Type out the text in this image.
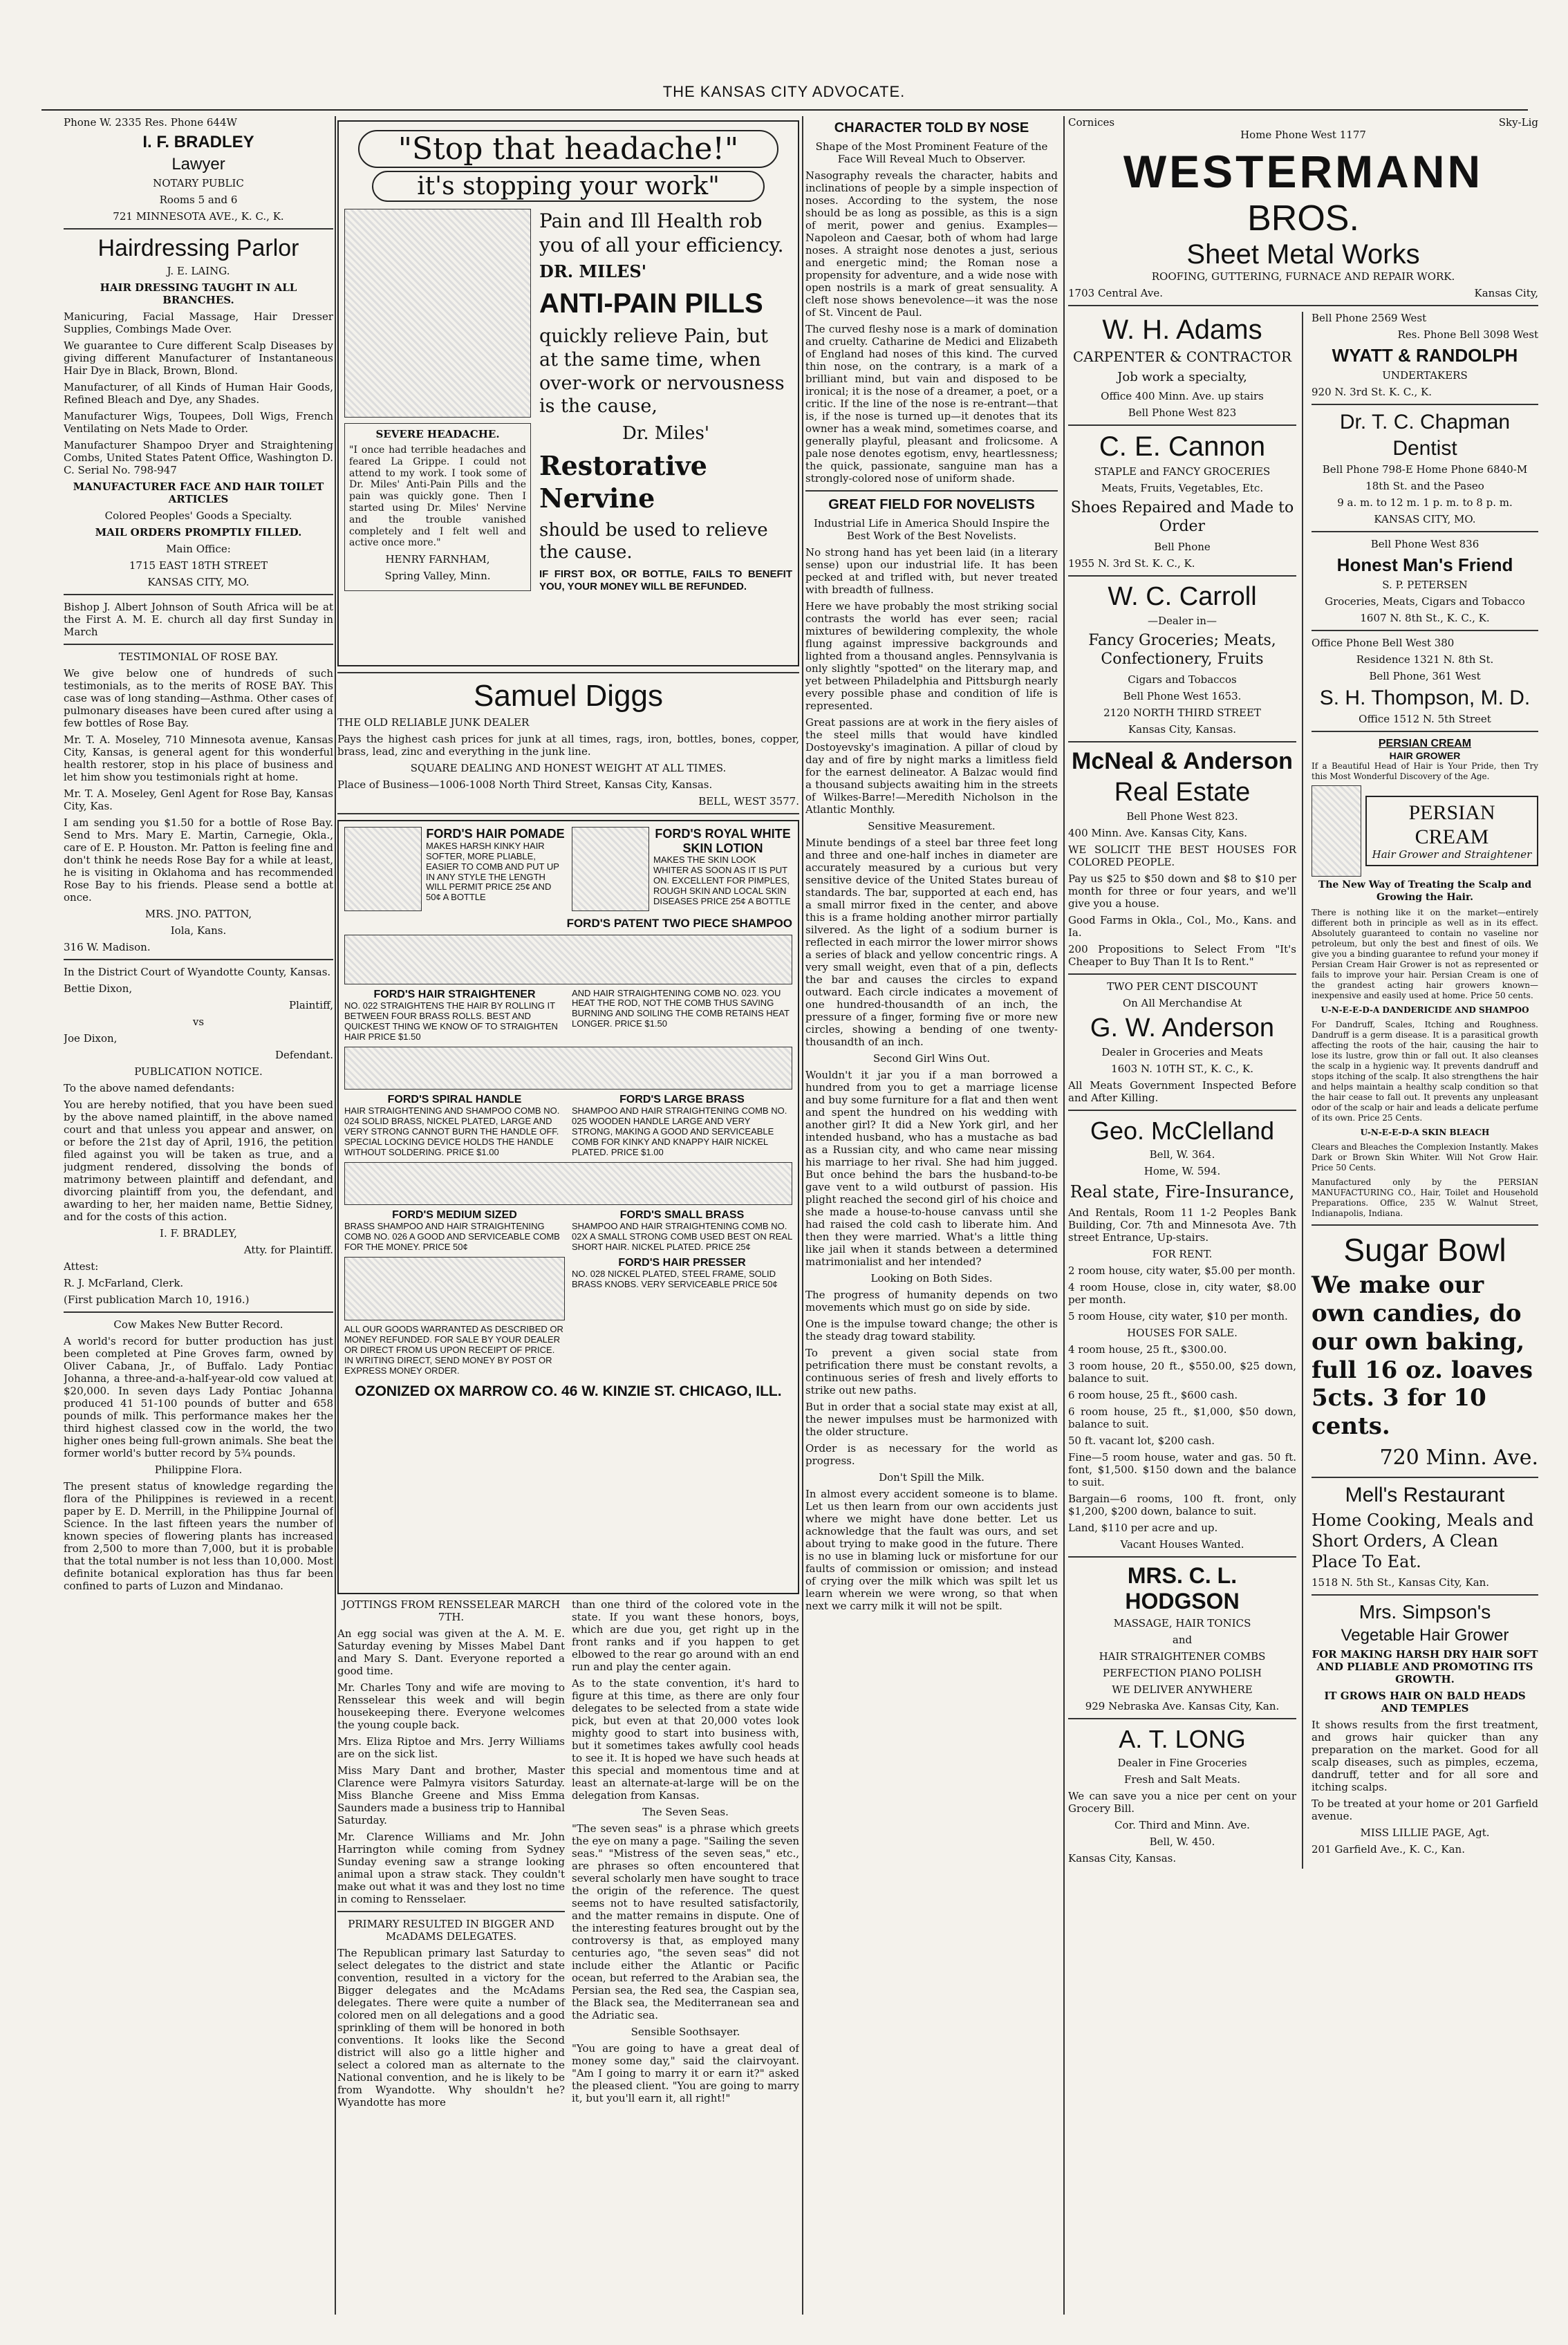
THE KANSAS CITY ADVOCATE.

Phone W. 2335 Res. Phone 644W

I. F. BRADLEY
Lawyer

NOTARY PUBLIC

Rooms 5 and 6

721 MINNESOTA AVE., K. C., K.

Hairdressing Parlor

J. E. LAING.

HAIR DRESSING TAUGHT IN ALL BRANCHES.

Manicuring, Facial Massage, Hair Dresser Supplies, Combings Made Over.

We guarantee to Cure different Scalp Diseases by giving different Manufacturer of Instantaneous Hair Dye in Black, Brown, Blond.

Manufacturer, of all Kinds of Human Hair Goods, Refined Bleach and Dye, any Shades.

Manufacturer Wigs, Toupees, Doll Wigs, French Ventilating on Nets Made to Order.

Manufacturer Shampoo Dryer and Straightening Combs, United States Patent Office, Washington D. C. Serial No. 798-947

MANUFACTURER FACE AND HAIR TOILET ARTICLES

Colored Peoples' Goods a Specialty.

MAIL ORDERS PROMPTLY FILLED.

Main Office:

1715 EAST 18TH STREET

KANSAS CITY, MO.

Bishop J. Albert Johnson of South Africa will be at the First A. M. E. church all day first Sunday in March

TESTIMONIAL OF ROSE BAY.

We give below one of hundreds of such testimonials, as to the merits of ROSE BAY. This case was of long standing—Asthma. Other cases of pulmonary diseases have been cured after using a few bottles of Rose Bay.

Mr. T. A. Moseley, 710 Minnesota avenue, Kansas City, Kansas, is general agent for this wonderful health restorer, stop in his place of business and let him show you testimonials right at home.

Mr. T. A. Moseley, Genl Agent for Rose Bay, Kansas City, Kas.

I am sending you $1.50 for a bottle of Rose Bay. Send to Mrs. Mary E. Martin, Carnegie, Okla., care of E. P. Houston. Mr. Patton is feeling fine and don't think he needs Rose Bay for a while at least, he is visiting in Oklahoma and has recommended Rose Bay to his friends. Please send a bottle at once.

MRS. JNO. PATTON,

Iola, Kans.

316 W. Madison.

In the District Court of Wyandotte County, Kansas.

Bettie Dixon,

Plaintiff,

vs

Joe Dixon,

Defendant.

PUBLICATION NOTICE.

To the above named defendants:

You are hereby notified, that you have been sued by the above named plaintiff, in the above named court and that unless you appear and answer, on or before the 21st day of April, 1916, the petition filed against you will be taken as true, and a judgment rendered, dissolving the bonds of matrimony between plaintiff and defendant, and divorcing plaintiff from you, the defendant, and awarding to her, her maiden name, Bettie Sidney, and for the costs of this action.

I. F. BRADLEY,

Atty. for Plaintiff.

Attest:

R. J. McFarland, Clerk.

(First publication March 10, 1916.)

Cow Makes New Butter Record.

A world's record for butter production has just been completed at Pine Groves farm, owned by Oliver Cabana, Jr., of Buffalo. Lady Pontiac Johanna, a three-and-a-half-year-old cow valued at $20,000. In seven days Lady Pontiac Johanna produced 41 51-100 pounds of butter and 658 pounds of milk. This performance makes her the third highest classed cow in the world, the two higher ones being full-grown animals. She beat the former world's butter record by 5¾ pounds.

Philippine Flora.

The present status of knowledge regarding the flora of the Philippines is reviewed in a recent paper by E. D. Merrill, in the Philippine Journal of Science. In the last fifteen years the number of known species of flowering plants has increased from 2,500 to more than 7,000, but it is probable that the total number is not less than 10,000. Most definite botanical exploration has thus far been confined to parts of Luzon and Mindanao.

"Stop that headache!"
it's stopping your work"

SEVERE HEADACHE.

"I once had terrible headaches and feared La Grippe. I could not attend to my work. I took some of Dr. Miles' Anti-Pain Pills and the pain was quickly gone. Then I started using Dr. Miles' Nervine and the trouble vanished completely and I felt well and active once more."

HENRY FARNHAM,

Spring Valley, Minn.

Pain and Ill Health rob you of all your efficiency.

DR. MILES'

ANTI-PAIN PILLS

quickly relieve Pain, but at the same time, when over-work or nervousness is the cause,

Dr. Miles'

Restorative Nervine

should be used to relieve the cause.

IF FIRST BOX, OR BOTTLE, FAILS TO BENEFIT YOU, YOUR MONEY WILL BE REFUNDED.

Samuel Diggs

THE OLD RELIABLE JUNK DEALER

Pays the highest cash prices for junk at all times, rags, iron, bottles, bones, copper, brass, lead, zinc and everything in the junk line.

SQUARE DEALING AND HONEST WEIGHT AT ALL TIMES.

Place of Business—1006-1008 North Third Street, Kansas City, Kansas.

BELL, WEST 3577.

FORD'S HAIR POMADE
MAKES HARSH KINKY HAIR SOFTER, MORE PLIABLE, EASIER TO COMB AND PUT UP IN ANY STYLE THE LENGTH WILL PERMIT PRICE 25¢ AND 50¢ A BOTTLE
FORD'S ROYAL WHITE SKIN LOTION
MAKES THE SKIN LOOK WHITER AS SOON AS IT IS PUT ON. EXCELLENT FOR PIMPLES, ROUGH SKIN AND LOCAL SKIN DISEASES PRICE 25¢ A BOTTLE
FORD'S PATENT TWO PIECE SHAMPOO
FORD'S HAIR STRAIGHTENER
NO. 022 STRAIGHTENS THE HAIR BY ROLLING IT BETWEEN FOUR BRASS ROLLS. BEST AND QUICKEST THING WE KNOW OF TO STRAIGHTEN HAIR PRICE $1.50
AND HAIR STRAIGHTENING COMB NO. 023. YOU HEAT THE ROD, NOT THE COMB THUS SAVING BURNING AND SOILING THE COMB RETAINS HEAT LONGER. PRICE $1.50
FORD'S SPIRAL HANDLE
HAIR STRAIGHTENING AND SHAMPOO COMB NO. 024 SOLID BRASS, NICKEL PLATED, LARGE AND VERY STRONG CANNOT BURN THE HANDLE OFF. SPECIAL LOCKING DEVICE HOLDS THE HANDLE WITHOUT SOLDERING. PRICE $1.00
FORD'S LARGE BRASS
SHAMPOO AND HAIR STRAIGHTENING COMB NO. 025 WOODEN HANDLE LARGE AND VERY STRONG, MAKING A GOOD AND SERVICEABLE COMB FOR KINKY AND KNAPPY HAIR NICKEL PLATED. PRICE $1.00
FORD'S MEDIUM SIZED
BRASS SHAMPOO AND HAIR STRAIGHTENING COMB NO. 026 A GOOD AND SERVICEABLE COMB FOR THE MONEY. PRICE 50¢
FORD'S SMALL BRASS
SHAMPOO AND HAIR STRAIGHTENING COMB NO. 02X A SMALL STRONG COMB USED BEST ON REAL SHORT HAIR. NICKEL PLATED. PRICE 25¢
ALL OUR GOODS WARRANTED AS DESCRIBED OR MONEY REFUNDED. FOR SALE BY YOUR DEALER OR DIRECT FROM US UPON RECEIPT OF PRICE. IN WRITING DIRECT, SEND MONEY BY POST OR EXPRESS MONEY ORDER.
FORD'S HAIR PRESSER
NO. 028 NICKEL PLATED, STEEL FRAME, SOLID BRASS KNOBS. VERY SERVICEABLE PRICE 50¢
OZONIZED OX MARROW CO. 46 W. KINZIE ST. CHICAGO, ILL.

JOTTINGS FROM RENSSELEAR MARCH 7TH.

An egg social was given at the A. M. E. Saturday evening by Misses Mabel Dant and Mary S. Dant. Everyone reported a good time.

Mr. Charles Tony and wife are moving to Rensselear this week and will begin housekeeping there. Everyone welcomes the young couple back.

Mrs. Eliza Riptoe and Mrs. Jerry Williams are on the sick list.

Miss Mary Dant and brother, Master Clarence were Palmyra visitors Saturday. Miss Blanche Greene and Miss Emma Saunders made a business trip to Hannibal Saturday.

Mr. Clarence Williams and Mr. John Harrington while coming from Sydney Sunday evening saw a strange looking animal upon a straw stack. They couldn't make out what it was and they lost no time in coming to Rensselaer.

PRIMARY RESULTED IN BIGGER AND McADAMS DELEGATES.

The Republican primary last Saturday to select delegates to the district and state convention, resulted in a victory for the Bigger delegates and the McAdams delegates. There were quite a number of colored men on all delegations and a good sprinkling of them will be honored in both conventions. It looks like the Second district will also go a little higher and select a colored man as alternate to the National convention, and he is likely to be from Wyandotte. Why shouldn't he? Wyandotte has more

than one third of the colored vote in the state. If you want these honors, boys, which are due you, get right up in the front ranks and if you happen to get elbowed to the rear go around with an end run and play the center again.

As to the state convention, it's hard to figure at this time, as there are only four delegates to be selected from a state wide pick, but even at that 20,000 votes look mighty good to start into business with, but it sometimes takes awfully cool heads to see it. It is hoped we have such heads at this special and momentous time and at least an alternate-at-large will be on the delegation from Kansas.

The Seven Seas.

"The seven seas" is a phrase which greets the eye on many a page. "Sailing the seven seas." "Mistress of the seven seas," etc., are phrases so often encountered that several scholarly men have sought to trace the origin of the reference. The quest seems not to have resulted satisfactorily, and the matter remains in dispute. One of the interesting features brought out by the controversy is that, as employed many centuries ago, "the seven seas" did not include either the Atlantic or Pacific ocean, but referred to the Arabian sea, the Persian sea, the Red sea, the Caspian sea, the Black sea, the Mediterranean sea and the Adriatic sea.

Sensible Soothsayer.

"You are going to have a great deal of money some day," said the clairvoyant. "Am I going to marry it or earn it?" asked the pleased client. "You are going to marry it, but you'll earn it, all right!"

CHARACTER TOLD BY NOSE

Shape of the Most Prominent Feature of the Face Will Reveal Much to Observer.

Nasography reveals the character, habits and inclinations of people by a simple inspection of noses. According to the system, the nose should be as long as possible, as this is a sign of merit, power and genius. Examples—Napoleon and Caesar, both of whom had large noses. A straight nose denotes a just, serious and energetic mind; the Roman nose a propensity for adventure, and a wide nose with open nostrils is a mark of great sensuality. A cleft nose shows benevolence—it was the nose of St. Vincent de Paul.

The curved fleshy nose is a mark of domination and cruelty. Catharine de Medici and Elizabeth of England had noses of this kind. The curved thin nose, on the contrary, is a mark of a brilliant mind, but vain and disposed to be ironical; it is the nose of a dreamer, a poet, or a critic. If the line of the nose is re-entrant—that is, if the nose is turned up—it denotes that its owner has a weak mind, sometimes coarse, and generally playful, pleasant and frolicsome. A pale nose denotes egotism, envy, heartlessness; the quick, passionate, sanguine man has a strongly-colored nose of uniform shade.

GREAT FIELD FOR NOVELISTS

Industrial Life in America Should Inspire the Best Work of the Best Novelists.

No strong hand has yet been laid (in a literary sense) upon our industrial life. It has been pecked at and trifled with, but never treated with breadth of fullness.

Here we have probably the most striking social contrasts the world has ever seen; racial mixtures of bewildering complexity, the whole flung against impressive backgrounds and lighted from a thousand angles. Pennsylvania is only slightly "spotted" on the literary map, and yet between Philadelphia and Pittsburgh nearly every possible phase and condition of life is represented.

Great passions are at work in the fiery aisles of the steel mills that would have kindled Dostoyevsky's imagination. A pillar of cloud by day and of fire by night marks a limitless field for the earnest delineator. A Balzac would find a thousand subjects awaiting him in the streets of Wilkes-Barre!—Meredith Nicholson in the Atlantic Monthly.

Sensitive Measurement.

Minute bendings of a steel bar three feet long and three and one-half inches in diameter are accurately measured by a curious but very sensitive device of the United States bureau of standards. The bar, supported at each end, has a small mirror fixed in the center, and above this is a frame holding another mirror partially silvered. As the light of a sodium burner is reflected in each mirror the lower mirror shows a series of black and yellow concentric rings. A very small weight, even that of a pin, deflects the bar and causes the circles to expand outward. Each circle indicates a movement of one hundred-thousandth of an inch, the pressure of a finger, forming five or more new circles, showing a bending of one twenty-thousandth of an inch.

Second Girl Wins Out.

Wouldn't it jar you if a man borrowed a hundred from you to get a marriage license and buy some furniture for a flat and then went and spent the hundred on his wedding with another girl? It did a New York girl, and her intended husband, who has a mustache as bad as a Russian city, and who came near missing his marriage to her rival. She had him jugged. But once behind the bars the husband-to-be gave vent to a wild outburst of passion. His plight reached the second girl of his choice and she made a house-to-house canvass until she had raised the cold cash to liberate him. And then they were married. What's a little thing like jail when it stands between a determined matrimonialist and her intended?

Looking on Both Sides.

The progress of humanity depends on two movements which must go on side by side.

One is the impulse toward change; the other is the steady drag toward stability.

To prevent a given social state from petrification there must be constant revolts, a continuous series of fresh and lively efforts to strike out new paths.

But in order that a social state may exist at all, the newer impulses must be harmonized with the older structure.

Order is as necessary for the world as progress.

Don't Spill the Milk.

In almost every accident someone is to blame. Let us then learn from our own accidents just where we might have done better. Let us acknowledge that the fault was ours, and set about trying to make good in the future. There is no use in blaming luck or misfortune for our faults of commission or omission; and instead of crying over the milk which was spilt let us learn wherein we were wrong, so that when next we carry milk it will not be spilt.

Cornices	Sky-Lig

Home Phone West 1177

WESTERMANN
BROS.
Sheet Metal Works

ROOFING, GUTTERING, FURNACE AND REPAIR WORK.

1703 Central Ave.	Kansas City,
W. H. Adams

CARPENTER & CONTRACTOR

Job work a specialty,

Office 400 Minn. Ave. up stairs

Bell Phone West 823

C. E. Cannon

STAPLE and FANCY GROCERIES

Meats, Fruits, Vegetables, Etc.

Shoes Repaired and Made to Order

Bell Phone

1955 N. 3rd St. K. C., K.

W. C. Carroll

—Dealer in—

Fancy Groceries; Meats, Confectionery, Fruits

Cigars and Tobaccos

Bell Phone West 1653.

2120 NORTH THIRD STREET

Kansas City, Kansas.

McNeal & Anderson
Real Estate

Bell Phone West 823.

400 Minn. Ave. Kansas City, Kans.

WE SOLICIT THE BEST HOUSES FOR COLORED PEOPLE.

Pay us $25 to $50 down and $8 to $10 per month for three or four years, and we'll give you a house.

Good Farms in Okla., Col., Mo., Kans. and Ia.

200 Propositions to Select From "It's Cheaper to Buy Than It Is to Rent."

TWO PER CENT DISCOUNT

On All Merchandise At

G. W. Anderson

Dealer in Groceries and Meats

1603 N. 10TH ST., K. C., K.

All Meats Government Inspected Before and After Killing.

Geo. McClelland

Bell, W. 364.

Home, W. 594.

Real state, Fire-Insurance,

And Rentals, Room 11 1-2 Peoples Bank Building, Cor. 7th and Minnesota Ave. 7th street Entrance, Up-stairs.

FOR RENT.

2 room house, city water, $5.00 per month.

4 room House, close in, city water, $8.00 per month.

5 room House, city water, $10 per month.

HOUSES FOR SALE.

4 room house, 25 ft., $300.00.

3 room house, 20 ft., $550.00, $25 down, balance to suit.

6 room house, 25 ft., $600 cash.

6 room house, 25 ft., $1,000, $50 down, balance to suit.

50 ft. vacant lot, $200 cash.

Fine—5 room house, water and gas. 50 ft. font, $1,500. $150 down and the balance to suit.

Bargain—6 rooms, 100 ft. front, only $1,200, $200 down, balance to suit.

Land, $110 per acre and up.

Vacant Houses Wanted.

MRS. C. L. HODGSON

MASSAGE, HAIR TONICS

and

HAIR STRAIGHTENER COMBS

PERFECTION PIANO POLISH

WE DELIVER ANYWHERE

929 Nebraska Ave. Kansas City, Kan.

A. T. LONG

Dealer in Fine Groceries

Fresh and Salt Meats.

We can save you a nice per cent on your Grocery Bill.

Cor. Third and Minn. Ave.

Bell, W. 450.

Kansas City, Kansas.

Bell Phone 2569 West

Res. Phone Bell 3098 West

WYATT & RANDOLPH

UNDERTAKERS

920 N. 3rd St. K. C., K.

Dr. T. C. Chapman
Dentist

Bell Phone 798-E Home Phone 6840-M

18th St. and the Paseo

9 a. m. to 12 m. 1 p. m. to 8 p. m.

KANSAS CITY, MO.

Bell Phone West 836

Honest Man's Friend

S. P. PETERSEN

Groceries, Meats, Cigars and Tobacco

1607 N. 8th St., K. C., K.

Office Phone Bell West 380

Residence 1321 N. 8th St.

Bell Phone, 361 West

S. H. Thompson, M. D.

Office 1512 N. 5th Street

PERSIAN CREAM
HAIR GROWER

If a Beautiful Head of Hair is Your Pride, then Try this Most Wonderful Discovery of the Age.

PERSIAN CREAM
Hair Grower and Straightener

The New Way of Treating the Scalp and Growing the Hair.

There is nothing like it on the market—entirely different both in principle as well as in its effect. Absolutely guaranteed to contain no vaseline nor petroleum, but only the best and finest of oils. We give you a binding guarantee to refund your money if Persian Cream Hair Grower is not as represented or fails to improve your hair. Persian Cream is one of the grandest acting hair growers known—inexpensive and easily used at home. Price 50 cents.

U-N-E-E-D-A DANDERICIDE AND SHAMPOO

For Dandruff, Scales, Itching and Roughness. Dandruff is a germ disease. It is a parasitical growth affecting the roots of the hair, causing the hair to lose its lustre, grow thin or fall out. It also cleanses the scalp in a hygienic way. It prevents dandruff and stops itching of the scalp. It also strengthens the hair and helps maintain a healthy scalp condition so that the hair cease to fall out. It prevents any unpleasant odor of the scalp or hair and leads a delicate perfume of its own. Price 25 Cents.

U-N-E-E-D-A SKIN BLEACH

Clears and Bleaches the Complexion Instantly. Makes Dark or Brown Skin Whiter. Will Not Grow Hair. Price 50 Cents.

Manufactured only by the PERSIAN MANUFACTURING CO., Hair, Toilet and Household Preparations. Office, 235 W. Walnut Street, Indianapolis, Indiana.

Sugar Bowl

We make our own candies, do our own baking, full 16 oz. loaves 5cts. 3 for 10 cents.

720 Minn. Ave.

Mell's Restaurant

Home Cooking, Meals and Short Orders, A Clean Place To Eat.

1518 N. 5th St., Kansas City, Kan.

Mrs. Simpson's
Vegetable Hair Grower

FOR MAKING HARSH DRY HAIR SOFT AND PLIABLE AND PROMOTING ITS GROWTH.

IT GROWS HAIR ON BALD HEADS AND TEMPLES

It shows results from the first treatment, and grows hair quicker than any preparation on the market. Good for all scalp diseases, such as pimples, eczema, dandruff, tetter and for all sore and itching scalps.

To be treated at your home or 201 Garfield avenue.

MISS LILLIE PAGE, Agt.

201 Garfield Ave., K. C., Kan.
